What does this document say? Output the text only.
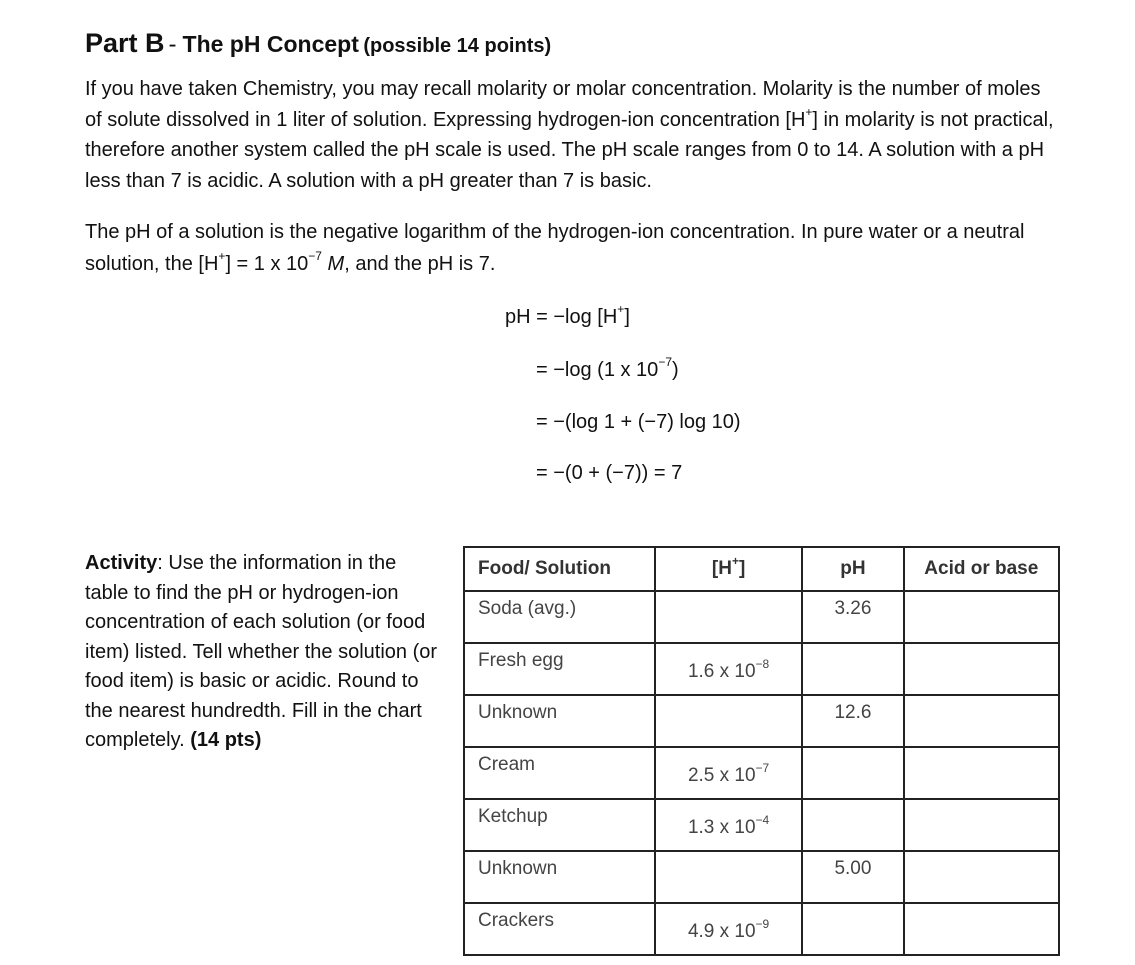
Part B - The pH Concept (possible 14 points)

If you have taken Chemistry, you may recall molarity or molar concentration. Molarity is the number of moles of solute dissolved in 1 liter of solution. Expressing hydrogen-ion concentration [H+] in molarity is not practical, therefore another system called the pH scale is used. The pH scale ranges from 0 to 14. A solution with a pH less than 7 is acidic. A solution with a pH greater than 7 is basic.

The pH of a solution is the negative logarithm of the hydrogen-ion concentration. In pure water or a neutral solution, the [H+] = 1 x $10^{-7}$ M, and the pH is 7.

pH = −log [H+]
= −log (1 x $10^{-7}$)
= −(log 1 + (−7) log 10)
= −(0 + (−7)) = 7

Activity: Use the information in the table to find the pH or hydrogen-ion concentration of each solution (or food item) listed. Tell whether the solution (or food item) is basic or acidic. Round to the nearest hundredth. Fill in the chart completely. (14 pts)

Food/ Solution	[H+]	pH	Acid or base
Soda (avg.)		3.26	
Fresh egg	1.6 x $10^{-8}$		
Unknown		12.6	
Cream	2.5 x $10^{-7}$		
Ketchup	1.3 x $10^{-4}$		
Unknown		5.00	
Crackers	4.9 x $10^{-9}$		
